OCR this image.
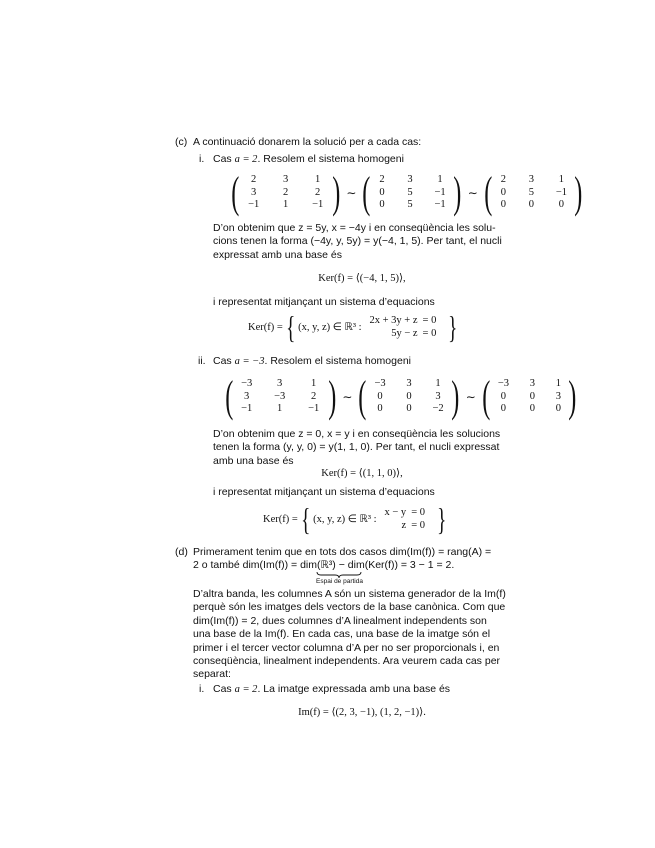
(c) A continuació donarem la solució per a cada cas:
i. Cas a = 2. Resolem el sistema homogeni
(	2	3	1
3	2	2
−1	1	−1 ) ∼ ( 2	3	1
0	5	−1
0	5	−1 ) ∼ ( 2	3	1
0	5	−1
0	0	0 )
D’on obtenim que z = 5y, x = −4y i en conseqüència les solu-
cions tenen la forma (−4y, y, 5y) = y(−4, 1, 5). Per tant, el nucli
expressat amb una base és
Ker(f) = ⟨(−4, 1, 5)⟩,
i representat mitjançant un sistema d’equacions
Ker(f) = { (x, y, z) ∈ ℝ³ :
2x + 3y + z = 0
5y − z = 0 }
ii. Cas a = −3. Resolem el sistema homogeni
( −3	3	1
3	−3	2
−1	1	−1 ) ∼ ( −3	3	1
0	0	3
0	0	−2 ) ∼ ( −3	3	1
0	0	3
0	0	0 )
D’on obtenim que z = 0, x = y i en conseqüència les solucions
tenen la forma (y, y, 0) = y(1, 1, 0). Per tant, el nucli expressat
amb una base és
Ker(f) = ⟨(1, 1, 0)⟩,
i representat mitjançant un sistema d’equacions
Ker(f) = { (x, y, z) ∈ ℝ³ :
x − y = 0
z = 0 }
(d) Primerament tenim que en tots dos casos dim(Im(f)) = rang(A) =
2 o també dim(Im(f)) = dim(ℝ³) − dim(Ker(f)) = 3 − 1 = 2.
Espai de partida
D’altra banda, les columnes A són un sistema generador de la Im(f)
perquè són les imatges dels vectors de la base canònica. Com que
dim(Im(f)) = 2, dues columnes d’A linealment independents son
una base de la Im(f). En cada cas, una base de la imatge són el
primer i el tercer vector columna d’A per no ser proporcionals i, en
conseqüència, linealment independents. Ara veurem cada cas per
separat:
i. Cas a = 2. La imatge expressada amb una base és
Im(f) = ⟨(2, 3, −1), (1, 2, −1)⟩.
